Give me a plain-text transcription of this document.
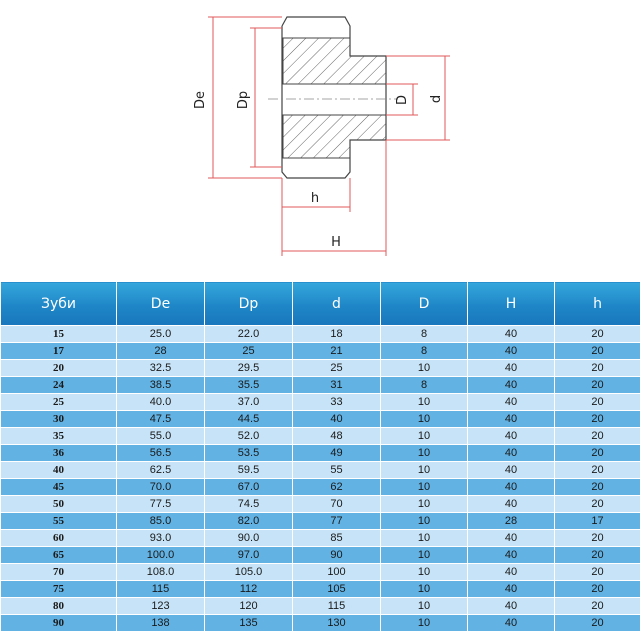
De Dp	D d
h
H
Зуби	De	Dp	d	D	H	h
15	25.0	22.0	18	8	40	20
17	28	25	21	8	40	20
20	32.5	29.5	25	10	40	20
24	38.5	35.5	31	8	40	20
25	40.0	37.0	33	10	40	20
30	47.5	44.5	40	10	40	20
35	55.0	52.0	48	10	40	20
36	56.5	53.5	49	10	40	20
40	62.5	59.5	55	10	40	20
45	70.0	67.0	62	10	40	20
50	77.5	74.5	70	10	40	20
55	85.0	82.0	77	10	28	17
60	93.0	90.0	85	10	40	20
65	100.0	97.0	90	10	40	20
70	108.0	105.0	100	10	40	20
75	115	112	105	10	40	20
80	123	120	115	10	40	20
90	138	135	130	10	40	20
